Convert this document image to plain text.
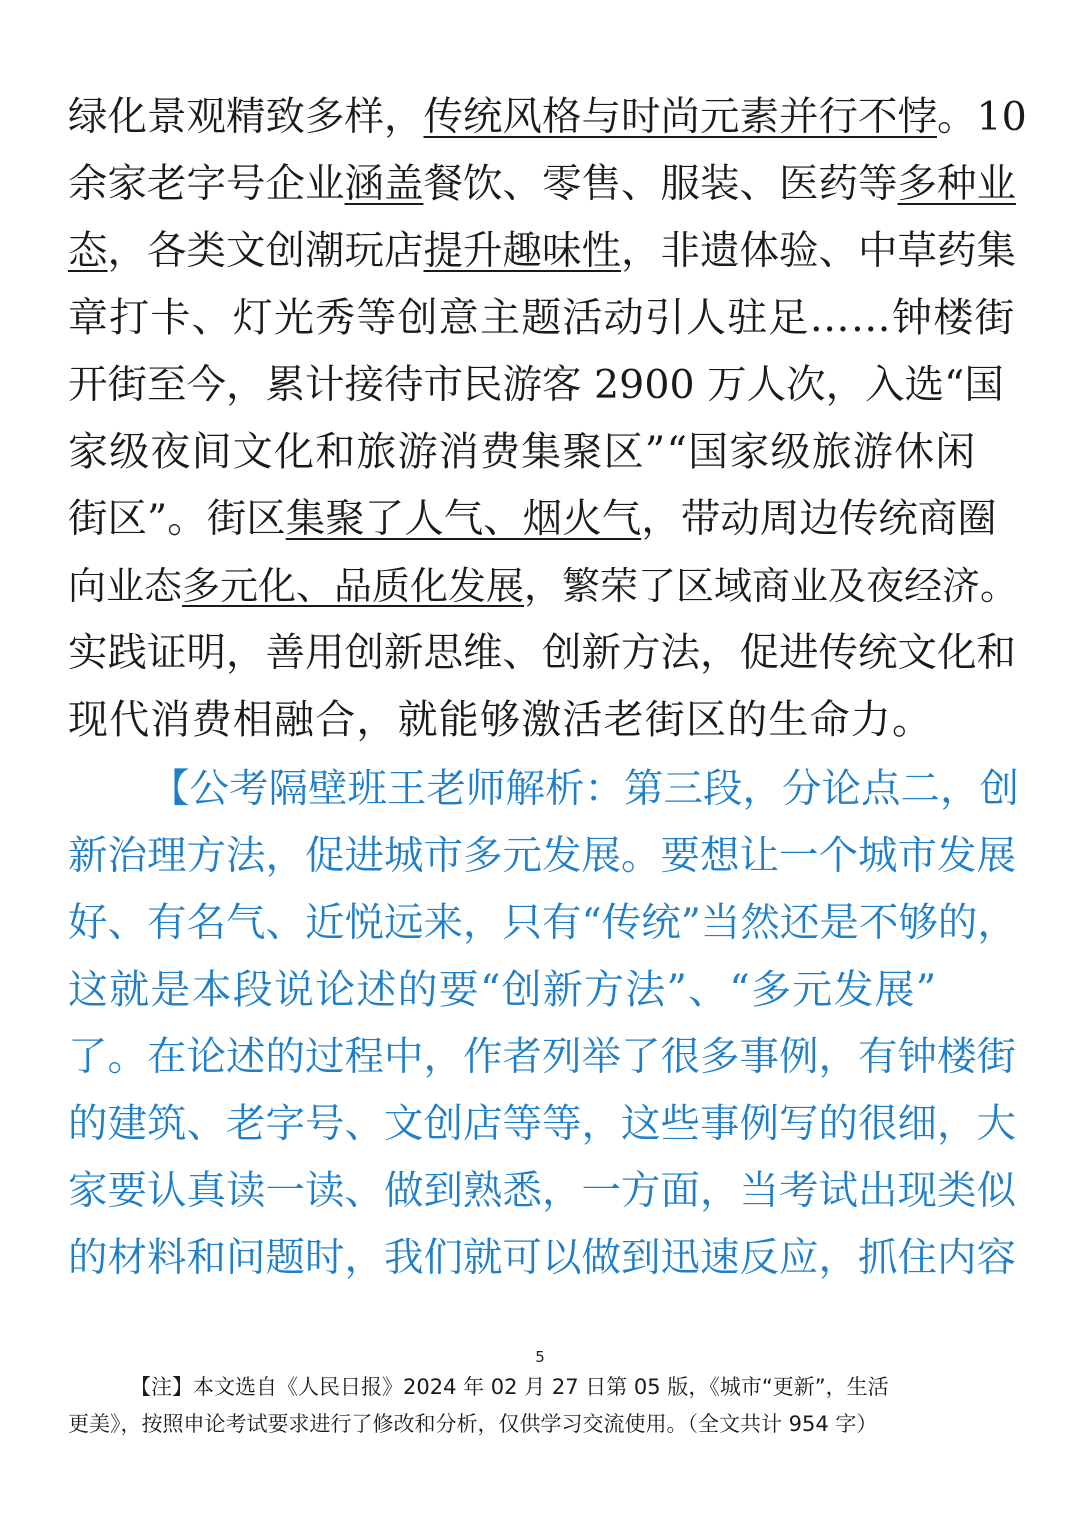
绿化景观精致多样，传统风格与时尚元素并行不悖。10
余家老字号企业涵盖餐饮、零售、服装、医药等多种业
态，各类文创潮玩店提升趣味性，非遗体验、中草药集
章打卡、灯光秀等创意主题活动引人驻足……钟楼街
开街至今，累计接待市民游客 2900 万人次，入选“国
家级夜间文化和旅游消费集聚区”“国家级旅游休闲
街区”。街区集聚了人气、烟火气，带动周边传统商圈
向业态多元化、品质化发展，繁荣了区域商业及夜经济。
实践证明，善用创新思维、创新方法，促进传统文化和
现代消费相融合，就能够激活老街区的生命力。
【公考隔壁班王老师解析：第三段，分论点二，创
新治理方法，促进城市多元发展。要想让一个城市发展
好、有名气、近悦远来，只有“传统”当然还是不够的，
这就是本段说论述的要“创新方法”、“多元发展”
了。在论述的过程中，作者列举了很多事例，有钟楼街
的建筑、老字号、文创店等等，这些事例写的很细，大
家要认真读一读、做到熟悉，一方面，当考试出现类似
的材料和问题时，我们就可以做到迅速反应，抓住内容
5
【注】本文选自《人民日报》2024 年 02 月 27 日第 05 版，《城市“更新”，生活
更美》，按照申论考试要求进行了修改和分析，仅供学习交流使用。（全文共计 954 字）
